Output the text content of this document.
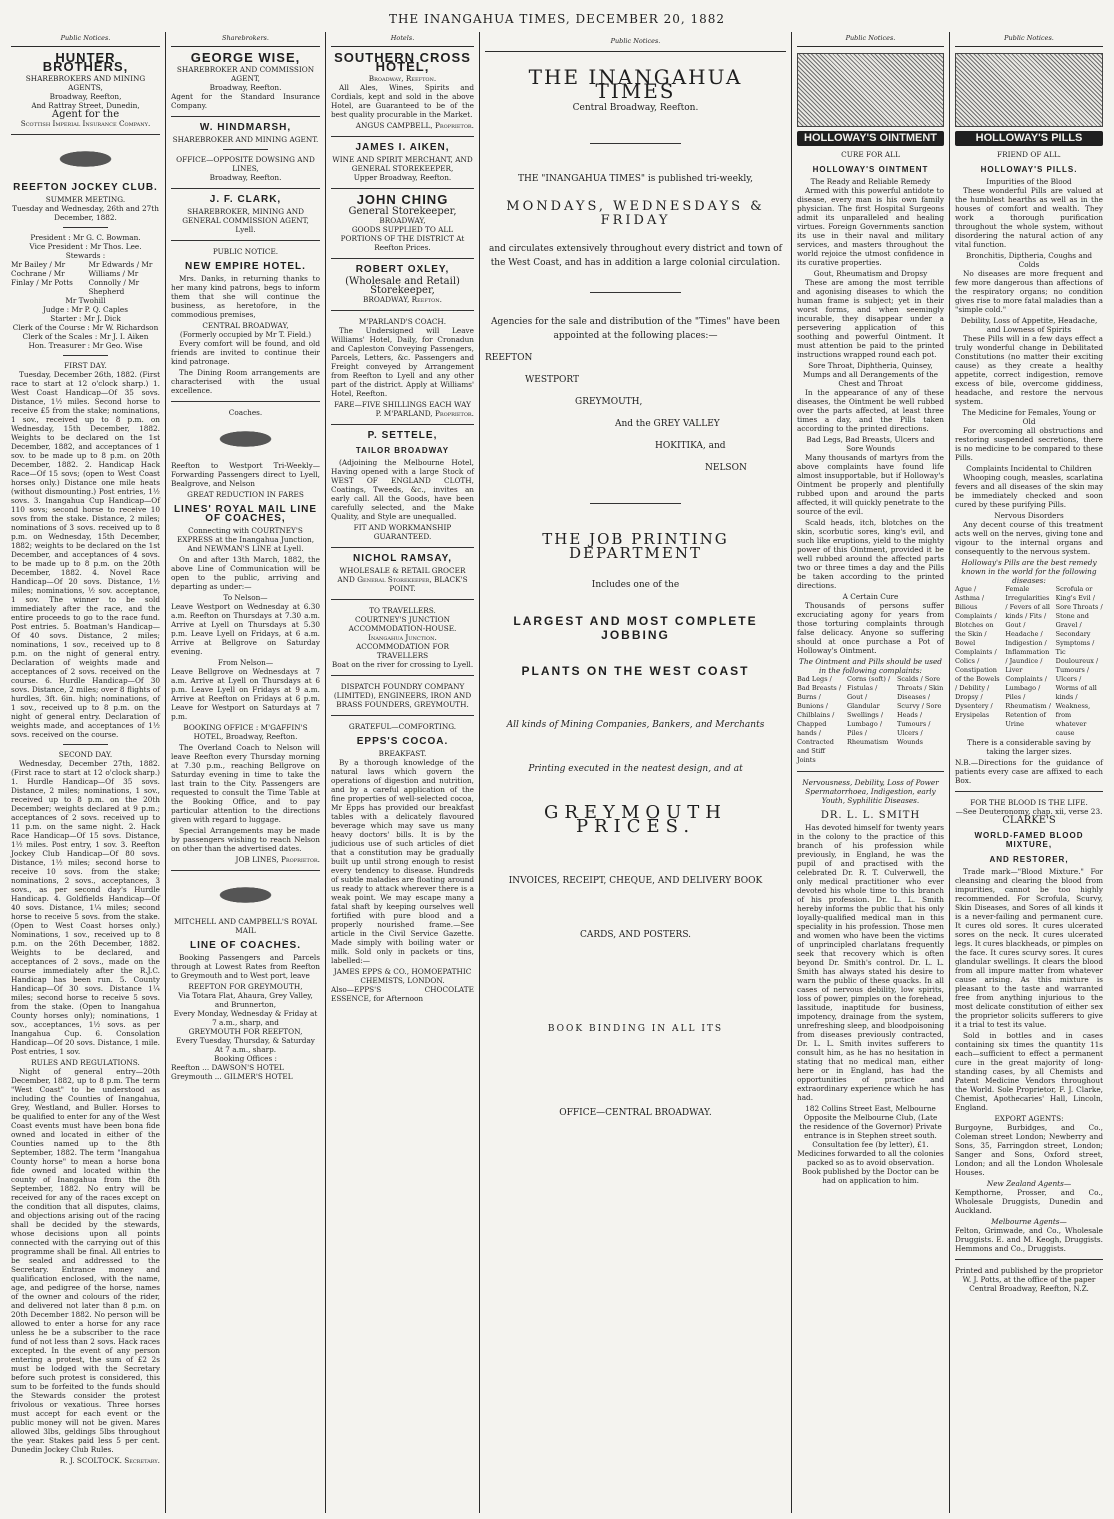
THE INANGAHUA TIMES, DECEMBER 20, 1882
Public Notices.
HUNTER BROTHERS,
SHAREBROKERS AND MINING AGENTS,
Broadway, Reefton,
And Rattray Street, Dunedin,
Agent for the
Scottish Imperial Insurance Company.
REEFTON JOCKEY CLUB.
SUMMER MEETING.

Tuesday and Wednesday, 26th and 27th December, 1882.

President : Mr G. C. Bowman.
Vice President : Mr Thos. Lee.
Stewards :
Mr Bailey / Mr Cochrane / Mr Finlay / Mr Potts
Mr Edwards / Mr Williams / Mr Connolly / Mr Shepherd
Mr Twohill
Judge : Mr P. Q. Caples
Starter : Mr J. Dick
Clerk of the Course : Mr W. Richardson
Clerk of the Scales : Mr J. I. Aiken
Hon. Treasurer : Mr Geo. Wise
FIRST DAY.

Tuesday, December 26th, 1882. (First race to start at 12 o'clock sharp.) 1. West Coast Handicap—Of 35 sovs. Distance, 1½ miles. Second horse to receive £5 from the stake; nominations, 1 sov., received up to 8 p.m. on Wednesday, 15th December, 1882. Weights to be declared on the 1st December, 1882, and acceptances of 1 sov. to be made up to 8 p.m. on 20th December, 1882. 2. Handicap Hack Race—Of 15 sovs; (open to West Coast horses only.) Distance one mile heats (without dismounting.) Post entries, 1½ sovs. 3. Inangahua Cup Handicap—Of 110 sovs; second horse to receive 10 sovs from the stake. Distance, 2 miles; nominations of 3 sovs. received up to 8 p.m. on Wednesday, 15th December, 1882; weights to be declared on the 1st December, and acceptances of 4 sovs. to be made up to 8 p.m. on the 20th December, 1882. 4. Novel Race Handicap—Of 20 sovs. Distance, 1½ miles; nominations, ½ sov. acceptance, 1 sov. The winner to be sold immediately after the race, and the entire proceeds to go to the race fund. Post entries. 5. Boatman's Handicap—Of 40 sovs. Distance, 2 miles; nominations, 1 sov., received up to 8 p.m. on the night of general entry. Declaration of weights made and acceptances of 2 sovs. received on the course. 6. Hurdle Handicap—Of 30 sovs. Distance, 2 miles; over 8 flights of hurdles, 3ft. 6in. high; nominations, of 1 sov., received up to 8 p.m. on the night of general entry. Declaration of weights made, and acceptances of 1½ sovs. received on the course.

SECOND DAY.

Wednesday, December 27th, 1882. (First race to start at 12 o'clock sharp.) 1. Hurdle Handicap—Of 35 sovs. Distance, 2 miles; nominations, 1 sov., received up to 8 p.m. on the 20th December; weights declared at 9 p.m.; acceptances of 2 sovs. received up to 11 p.m. on the same night. 2. Hack Race Handicap—Of 15 sovs. Distance, 1½ miles. Post entry, 1 sov. 3. Reefton Jockey Club Handicap—Of 80 sovs. Distance, 1½ miles; second horse to receive 10 sovs. from the stake; nominations, 2 sovs., acceptances, 3 sovs., as per second day's Hurdle Handicap. 4. Goldfields Handicap—Of 40 sovs. Distance, 1¼ miles; second horse to receive 5 sovs. from the stake. (Open to West Coast horses only.) Nominations, 1 sov., received up to 8 p.m. on the 26th December, 1882. Weights to be declared, and acceptances of 2 sovs., made on the course immediately after the R.J.C. Handicap has been run. 5. County Handicap—Of 30 sovs. Distance 1¼ miles; second horse to receive 5 sovs. from the stake. (Open to Inangahua County horses only); nominations, 1 sov., acceptances, 1½ sovs. as per Inangahua Cup. 6. Consolation Handicap—Of 20 sovs. Distance, 1 mile. Post entries, 1 sov.

RULES AND REGULATIONS.

Night of general entry—20th December, 1882, up to 8 p.m. The term "West Coast" to be understood as including the Counties of Inangahua, Grey, Westland, and Buller. Horses to be qualified to enter for any of the West Coast events must have been bona fide owned and located in either of the Counties named up to the 8th September, 1882. The term "Inangahua County horse" to mean a horse bona fide owned and located within the county of Inangahua from the 8th September, 1882. No entry will be received for any of the races except on the condition that all disputes, claims, and objections arising out of the racing shall be decided by the stewards, whose decisions upon all points connected with the carrying out of this programme shall be final. All entries to be sealed and addressed to the Secretary. Entrance money and qualification enclosed, with the name, age, and pedigree of the horse, names of the owner and colours of the rider, and delivered not later than 8 p.m. on 20th December 1882. No person will be allowed to enter a horse for any race unless he be a subscriber to the race fund of not less than 2 sovs. Hack races excepted. In the event of any person entering a protest, the sum of £2 2s must be lodged with the Secretary before such protest is considered, this sum to be forfeited to the funds should the Stewards consider the protest frivolous or vexatious. Three horses must accept for each event or the public money will not be given. Mares allowed 3lbs, geldings 5lbs throughout the year. Stakes paid less 5 per cent. Dunedin Jockey Club Rules.

R. J. SCOLTOCK. Secretary.
Sharebrokers.
GEORGE WISE,
SHAREBROKER AND COMMISSION AGENT,
Broadway, Reefton.

Agent for the Standard Insurance Company.

W. HINDMARSH,
SHAREBROKER AND MINING AGENT.
OFFICE—OPPOSITE DOWSING AND LINES,
Broadway, Reefton.
J. F. CLARK,
SHAREBROKER, MINING AND GENERAL COMMISSION AGENT,
Lyell.
PUBLIC NOTICE.
NEW EMPIRE HOTEL.

Mrs. Danks, in returning thanks to her many kind patrons, begs to inform them that she will continue the business, as heretofore, in the commodious premises,

CENTRAL BROADWAY,
(Formerly occupied by Mr T. Field.)

Every comfort will be found, and old friends are invited to continue their kind patronage.

The Dining Room arrangements are characterised with the usual excellence.

Coaches.

Reefton to Westport Tri-Weekly—Forwarding Passengers direct to Lyell, Bealgrove, and Nelson

GREAT REDUCTION IN FARES
LINES' ROYAL MAIL LINE OF COACHES,

Connecting with COURTNEY'S EXPRESS at the Inangahua Junction, And NEWMAN'S LINE at Lyell.

On and after 13th March, 1882, the above Line of Communication will be open to the public, arriving and departing as under:—

To Nelson—

Leave Westport on Wednesday at 6.30 a.m. Reefton on Thursdays at 7.30 a.m. Arrive at Lyell on Thursdays at 5.30 p.m. Leave Lyell on Fridays, at 6 a.m. Arrive at Bellgrove on Saturday evening.

From Nelson—

Leave Bellgrove on Wednesdays at 7 a.m. Arrive at Lyell on Thursdays at 6 p.m. Leave Lyell on Fridays at 9 a.m. Arrive at Reefton on Fridays at 6 p.m. Leave for Westport on Saturdays at 7 p.m.

BOOKING OFFICE : M'GAFFIN'S HOTEL, Broadway, Reefton.

The Overland Coach to Nelson will leave Reefton every Thursday morning at 7.30 p.m., reaching Bellgrove on Saturday evening in time to take the last train to the City. Passengers are requested to consult the Time Table at the Booking Office, and to pay particular attention to the directions given with regard to luggage.

Special Arrangements may be made by passengers wishing to reach Nelson on other than the advertised dates.

JOB LINES, Proprietor.
MITCHELL AND CAMPBELL'S ROYAL MAIL
LINE OF COACHES.

Booking Passengers and Parcels through at Lowest Rates from Reefton to Greymouth and to West port, leave

REEFTON FOR GREYMOUTH,
Via Totara Flat, Ahaura, Grey Valley, and Brunnerton,
Every Monday, Wednesday & Friday at 7 a.m., sharp, and
GREYMOUTH FOR REEFTON,
Every Tuesday, Thursday, & Saturday At 7 a.m., sharp.
Booking Offices :
Reefton ... DAWSON'S HOTEL
Greymouth ... GILMER'S HOTEL
Hotels.
SOUTHERN CROSS HOTEL,
Broadway, Reefton.

All Ales, Wines, Spirits and Cordials, kept and sold in the above Hotel, are Guaranteed to be of the best quality procurable in the Market.

ANGUS CAMPBELL, Proprietor.
JAMES I. AIKEN,
WINE AND SPIRIT MERCHANT, AND GENERAL STOREKEEPER,
Upper Broadway, Reefton.
JOHN CHING
General Storekeeper,
BROADWAY,

GOODS SUPPLIED TO ALL PORTIONS OF THE DISTRICT At Reefton Prices.

ROBERT OXLEY,
(Wholesale and Retail) Storekeeper,
BROADWAY, Reefton.
M'PARLAND'S COACH.

The Undersigned will Leave Williams' Hotel, Daily, for Cronadun and Capleston Conveying Passengers, Parcels, Letters, &c. Passengers and Freight conveyed by Arrangement from Reefton to Lyell and any other part of the district. Apply at Williams' Hotel, Reefton.

FARE—FIVE SHILLINGS EACH WAY
P. M'PARLAND, Proprietor.
P. SETTELE,
TAILOR BROADWAY

(Adjoining the Melbourne Hotel, Having opened with a large Stock of WEST OF ENGLAND CLOTH, Coatings, Tweeds, &c., invites an early call. All the Goods, have been carefully selected, and the Make Quality, and Style are unequalled.

FIT AND WORKMANSHIP GUARANTEED.
NICHOL RAMSAY,
WHOLESALE & RETAIL GROCER AND General Storekeeper, BLACK'S POINT.
TO TRAVELLERS.
COURTNEY'S JUNCTION ACCOMMODATION-HOUSE. Inangahua Junction.
ACCOMMODATION FOR TRAVELLERS
Boat on the river for crossing to Lyell.
DISPATCH FOUNDRY COMPANY (LIMITED), ENGINEERS, IRON AND BRASS FOUNDERS, GREYMOUTH.
GRATEFUL—COMFORTING.
EPPS'S COCOA.
BREAKFAST.

By a thorough knowledge of the natural laws which govern the operations of digestion and nutrition, and by a careful application of the fine properties of well-selected cocoa, Mr Epps has provided our breakfast tables with a delicately flavoured beverage which may save us many heavy doctors' bills. It is by the judicious use of such articles of diet that a constitution may be gradually built up until strong enough to resist every tendency to disease. Hundreds of subtle maladies are floating around us ready to attack wherever there is a weak point. We may escape many a fatal shaft by keeping ourselves well fortified with pure blood and a properly nourished frame.—See article in the Civil Service Gazette. Made simply with boiling water or milk. Sold only in packets or tins, labelled:—

JAMES EPPS & CO., HOMOEPATHIC CHEMISTS, LONDON.

Also—EPPS'S CHOCOLATE ESSENCE, for Afternoon

Public Notices.
THE INANGAHUA TIMES
Central Broadway, Reefton.
THE "INANGAHUA TIMES" is published tri-weekly,
MONDAYS, WEDNESDAYS & FRIDAY
and circulates extensively throughout every district and town of the West Coast, and has in addition a large colonial circulation.
Agencies for the sale and distribution of the "Times" have been appointed at the following places:—

REEFTON

WESTPORT

GREYMOUTH,

And the GREY VALLEY

HOKITIKA, and

NELSON

THE JOB PRINTING DEPARTMENT
Includes one of the
LARGEST AND MOST COMPLETE JOBBING
PLANTS ON THE WEST COAST
All kinds of Mining Companies, Bankers, and Merchants
Printing executed in the neatest design, and at
GREYMOUTH PRICES.
INVOICES, RECEIPT, CHEQUE, AND DELIVERY BOOK
CARDS, AND POSTERS.
BOOK BINDING IN ALL ITS
OFFICE—CENTRAL BROADWAY.
Public Notices.
HOLLOWAY'S OINTMENT
CURE FOR ALL
HOLLOWAY'S OINTMENT
The Ready and Reliable Remedy

Armed with this powerful antidote to disease, every man is his own family physician. The first Hospital Surgeons admit its unparalleled and healing virtues. Foreign Governments sanction its use in their naval and military services, and masters throughout the world rejoice the utmost confidence in its curative properties.

Gout, Rheumatism and Dropsy

These are among the most terrible and agonising diseases to which the human frame is subject; yet in their worst forms, and when seemingly incurable, they disappear under a persevering application of this soothing and powerful Ointment. It must attention be paid to the printed instructions wrapped round each pot.

Sore Throat, Diphtheria, Quinsey, Mumps and all Derangements of the Chest and Throat

In the appearance of any of these diseases, the Ointment be well rubbed over the parts affected, at least three times a day, and the Pills taken according to the printed directions.

Bad Legs, Bad Breasts, Ulcers and Sore Wounds

Many thousands of martyrs from the above complaints have found life almost insupportable, but if Holloway's Ointment be properly and plentifully rubbed upon and around the parts affected, it will quickly penetrate to the source of the evil.

Scald heads, itch, blotches on the skin, scorbutic sores, king's evil, and such like eruptions, yield to the mighty power of this Ointment, provided it be well rubbed around the affected parts two or three times a day and the Pills be taken according to the printed directions.

A Certain Cure

Thousands of persons suffer excruciating agony for years from those torturing complaints through false delicacy. Anyone so suffering should at once purchase a Pot of Holloway's Ointment.

The Ointment and Pills should be used in the following complaints:
Bad Legs / Bad Breasts / Burns / Bunions / Chilblains / Chapped hands / Contracted and Stiff Joints
Corns (soft) / Fistulas / Gout / Glandular Swellings / Lumbago / Piles / Rheumatism
Scalds / Sore Throats / Skin Diseases / Scurvy / Sore Heads / Tumours / Ulcers / Wounds

Nervousness, Debility, Loss of Power Spermatorrhoea, Indigestion, early Youth, Syphilitic Diseases.

DR. L. L. SMITH

Has devoted himself for twenty years in the colony to the practice of this branch of his profession while previously, in England, he was the pupil of and practised with the celebrated Dr. R. T. Culverwell, the only medical practitioner who ever devoted his whole time to this branch of his profession. Dr. L. L. Smith hereby informs the public that his only loyally-qualified medical man in this speciality in his profession. Those men and women who have been the victims of unprincipled charlatans frequently seek that recovery which is often beyond Dr. Smith's control. Dr. L. L. Smith has always stated his desire to warn the public of these quacks. In all cases of nervous debility, low spirits, loss of power, pimples on the forehead, lassitude, inaptitude for business, impotency, drainage from the system, unrefreshing sleep, and bloodpoisoning from diseases previously contracted, Dr. L. L. Smith invites sufferers to consult him, as he has no hesitation in stating that no medical man, either here or in England, has had the opportunities of practice and extraordinary experience which he has had.

182 Collins Street East, Melbourne Opposite the Melbourne Club, (Late the residence of the Governor) Private entrance is in Stephen street south. Consultation fee (by letter), £1. Medicines forwarded to all the colonies packed so as to avoid observation. Book published by the Doctor can be had on application to him.

Public Notices.
HOLLOWAY'S PILLS
FRIEND OF ALL.
HOLLOWAY'S PILLS.
Impurities of the Blood

These wonderful Pills are valued at the humblest hearths as well as in the houses of comfort and wealth. They work a thorough purification throughout the whole system, without disordering the natural action of any vital function.

Bronchitis, Diptheria, Coughs and Colds

No diseases are more frequent and few more dangerous than affections of the respiratory organs; no condition gives rise to more fatal maladies than a "simple cold."

Debility, Loss of Appetite, Headache, and Lowness of Spirits

These Pills will in a few days effect a truly wonderful change in Debilitated Constitutions (no matter their exciting cause) as they create a healthy appetite, correct indigestion, remove excess of bile, overcome giddiness, headache, and restore the nervous system.

The Medicine for Females, Young or Old

For overcoming all obstructions and restoring suspended secretions, there is no medicine to be compared to these Pills.

Complaints Incidental to Children

Whooping cough, measles, scarlatina fevers and all diseases of the skin may be immediately checked and soon cured by these purifying Pills.

Nervous Disorders

Any decent course of this treatment acts well on the nerves, giving tone and vigour to the internal organs and consequently to the nervous system.

Holloway's Pills are the best remedy known in the world for the following diseases:
Ague / Asthma / Bilious Complaints / Blotches on the Skin / Bowel Complaints / Colics / Constipation of the Bowels / Debility / Dropsy / Dysentery / Erysipelas
Female Irregularities / Fevers of all kinds / Fits / Gout / Headache / Indigestion / Inflammation / Jaundice / Liver Complaints / Lumbago / Piles / Rheumatism / Retention of Urine
Scrofula or King's Evil / Sore Throats / Stone and Gravel / Secondary Symptoms / Tic Douloureux / Tumours / Ulcers / Worms of all kinds / Weakness, from whatever cause

There is a considerable saving by taking the larger sizes.

N.B.—Directions for the guidance of patients every case are affixed to each Box.

FOR THE BLOOD IS THE LIFE.
—See Deuteronomy, chap. xii, verse 23.
CLARKE'S
WORLD-FAMED BLOOD MIXTURE,
AND RESTORER,

Trade mark—"Blood Mixture." For cleansing and clearing the blood from impurities, cannot be too highly recommended. For Scrofula, Scurvy, Skin Diseases, and Sores of all kinds it is a never-failing and permanent cure. It cures old sores. It cures ulcerated sores on the neck. It cures ulcerated legs. It cures blackheads, or pimples on the face. It cures scurvy sores. It cures glandular swellings. It clears the blood from all impure matter from whatever cause arising. As this mixture is pleasant to the taste and warranted free from anything injurious to the most delicate constitution of either sex the proprietor solicits sufferers to give it a trial to test its value.

Sold in bottles and in cases containing six times the quantity 11s each—sufficient to effect a permanent cure in the great majority of long-standing cases, by all Chemists and Patent Medicine Vendors throughout the World. Sole Proprietor, F. J. Clarke, Chemist, Apothecaries' Hall, Lincoln, England.

EXPORT AGENTS:

Burgoyne, Burbidges, and Co., Coleman street London; Newberry and Sons, 35, Farringdon street, London; Sanger and Sons, Oxford street, London; and all the London Wholesale Houses.

New Zealand Agents—

Kempthorne, Prosser, and Co., Wholesale Druggists, Dunedin and Auckland.

Melbourne Agents—

Felton, Grimwade, and Co., Wholesale Druggists. E. and M. Keogh, Druggists. Hemmons and Co., Druggists.

Printed and published by the proprietor W. J. Potts, at the office of the paper Central Broadway, Reefton, N.Z.
